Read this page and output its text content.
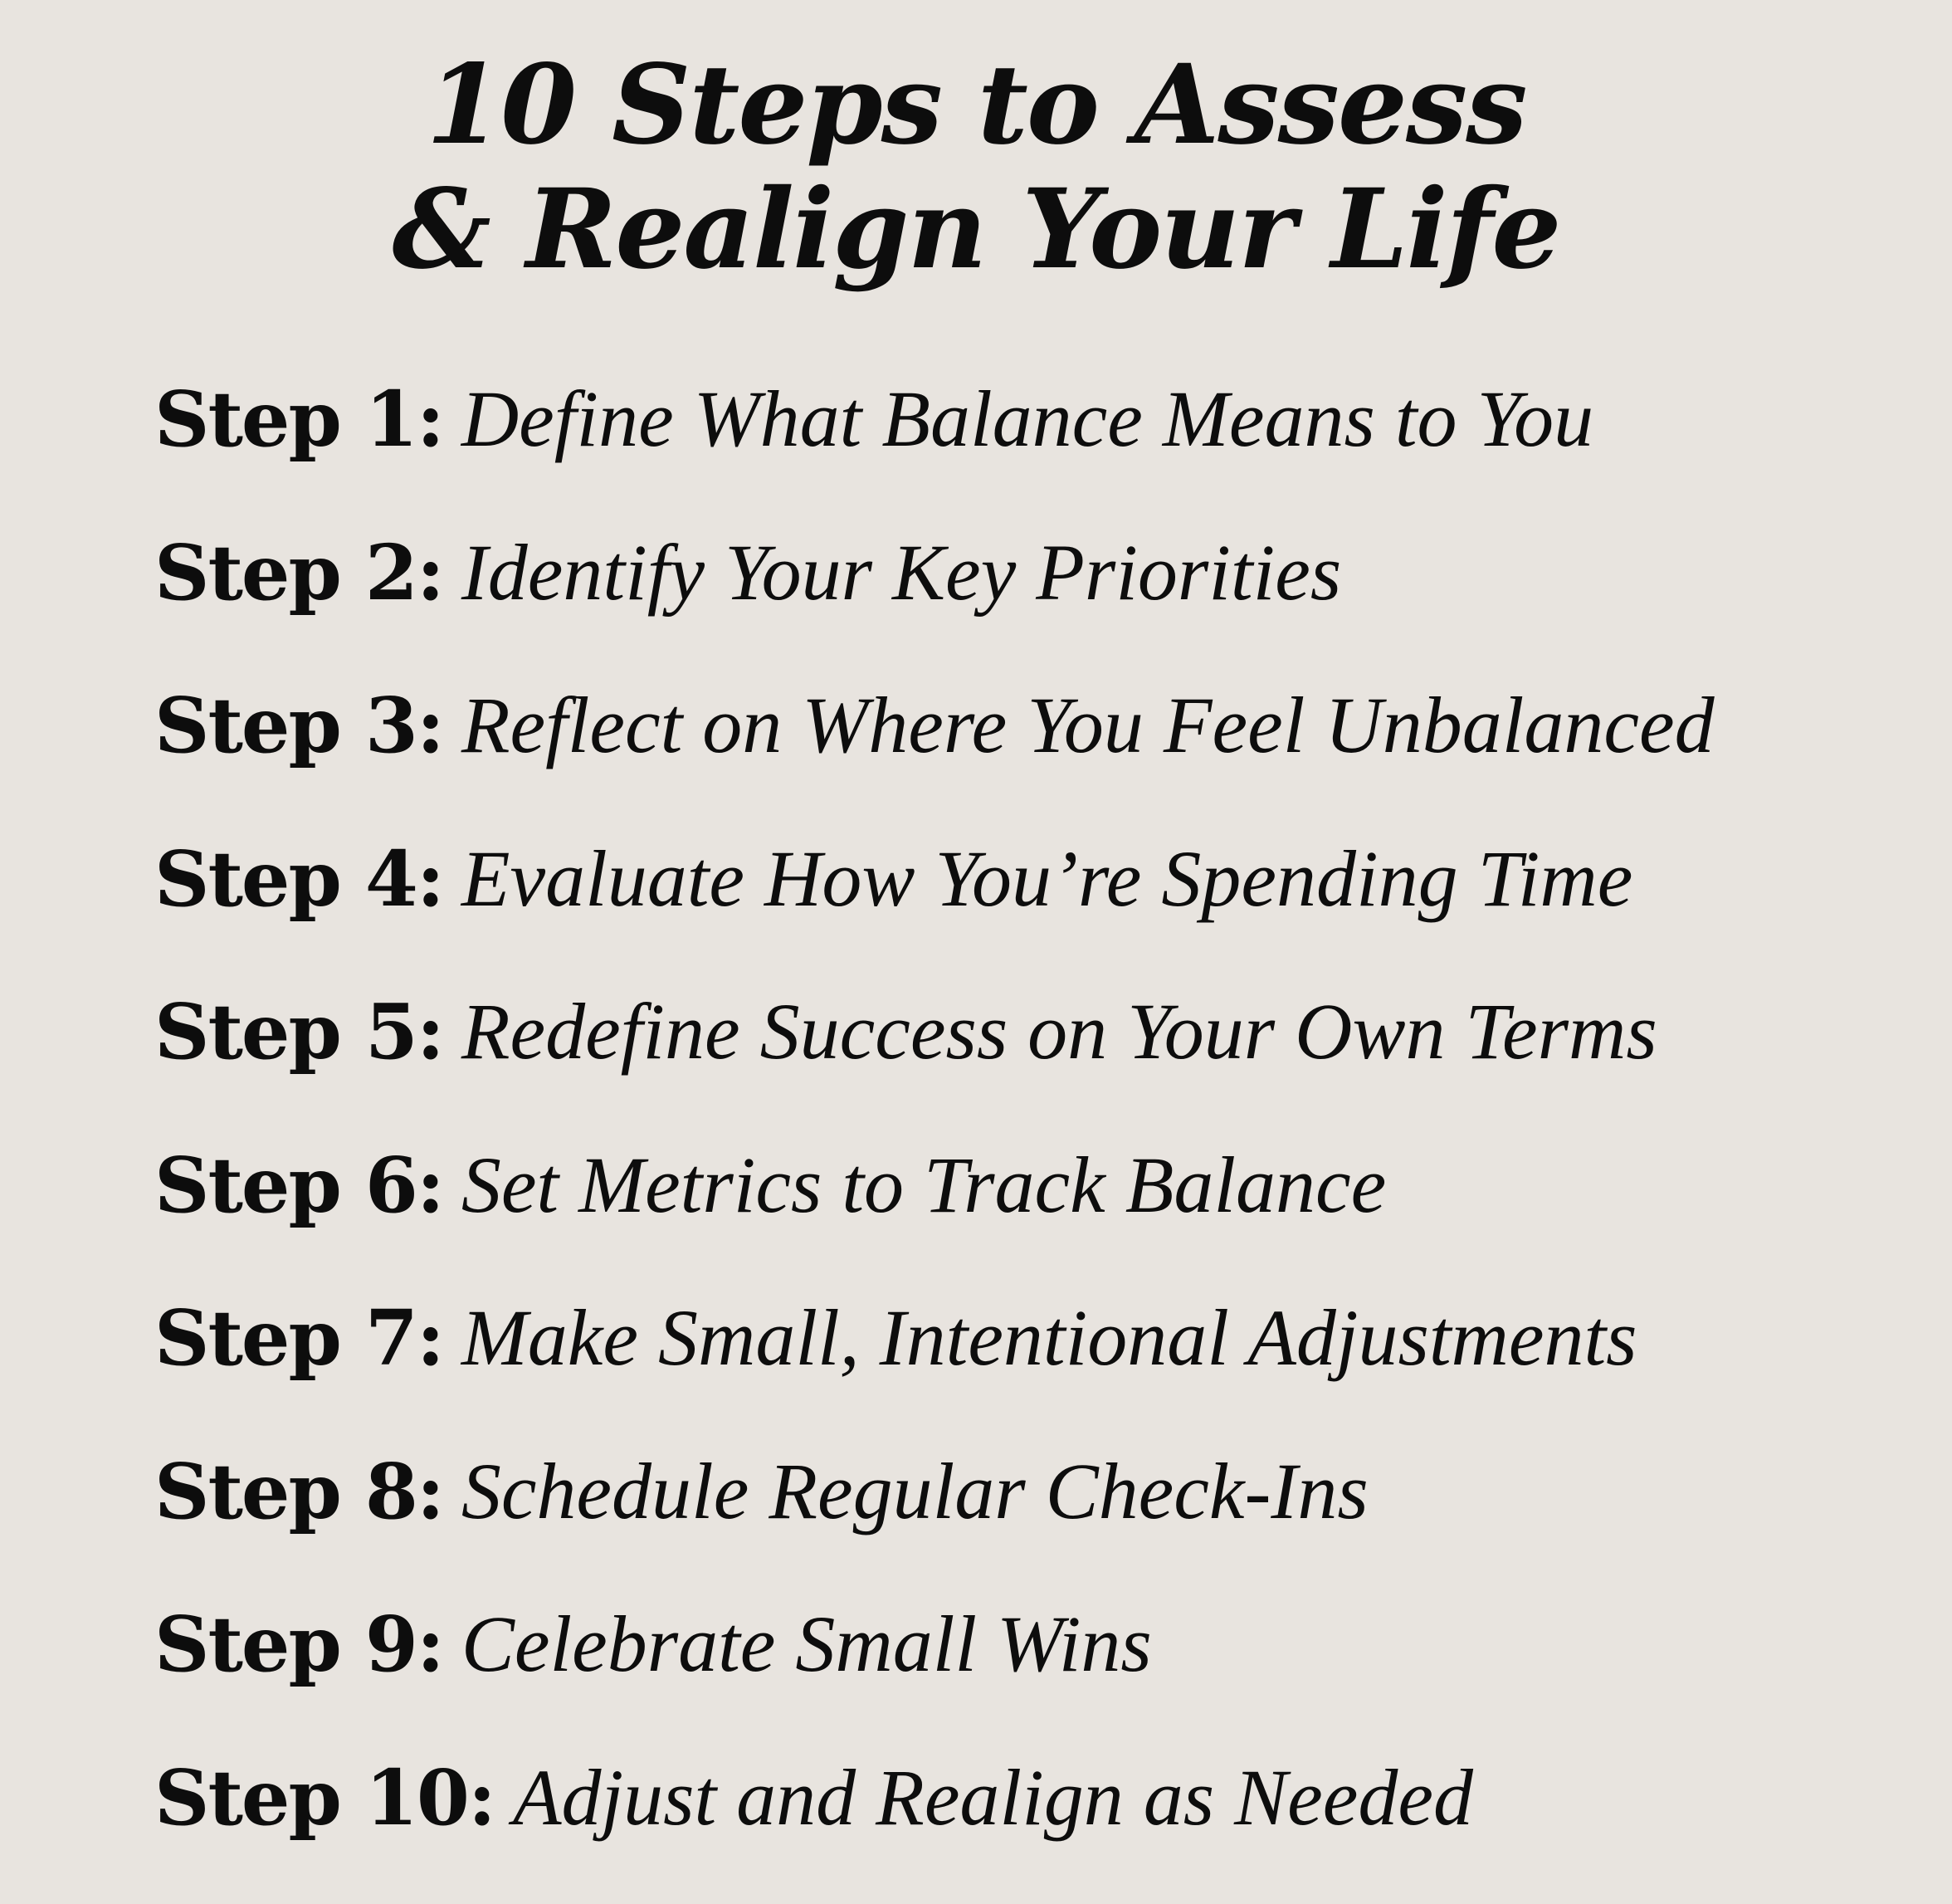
10 Steps to Assess
& Realign Your Life
Step 1: Define What Balance Means to You
Step 2: Identify Your Key Priorities
Step 3: Reflect on Where You Feel Unbalanced
Step 4: Evaluate How You’re Spending Time
Step 5: Redefine Success on Your Own Terms
Step 6: Set Metrics to Track Balance
Step 7: Make Small, Intentional Adjustments
Step 8: Schedule Regular Check-Ins
Step 9: Celebrate Small Wins
Step 10: Adjust and Realign as Needed
